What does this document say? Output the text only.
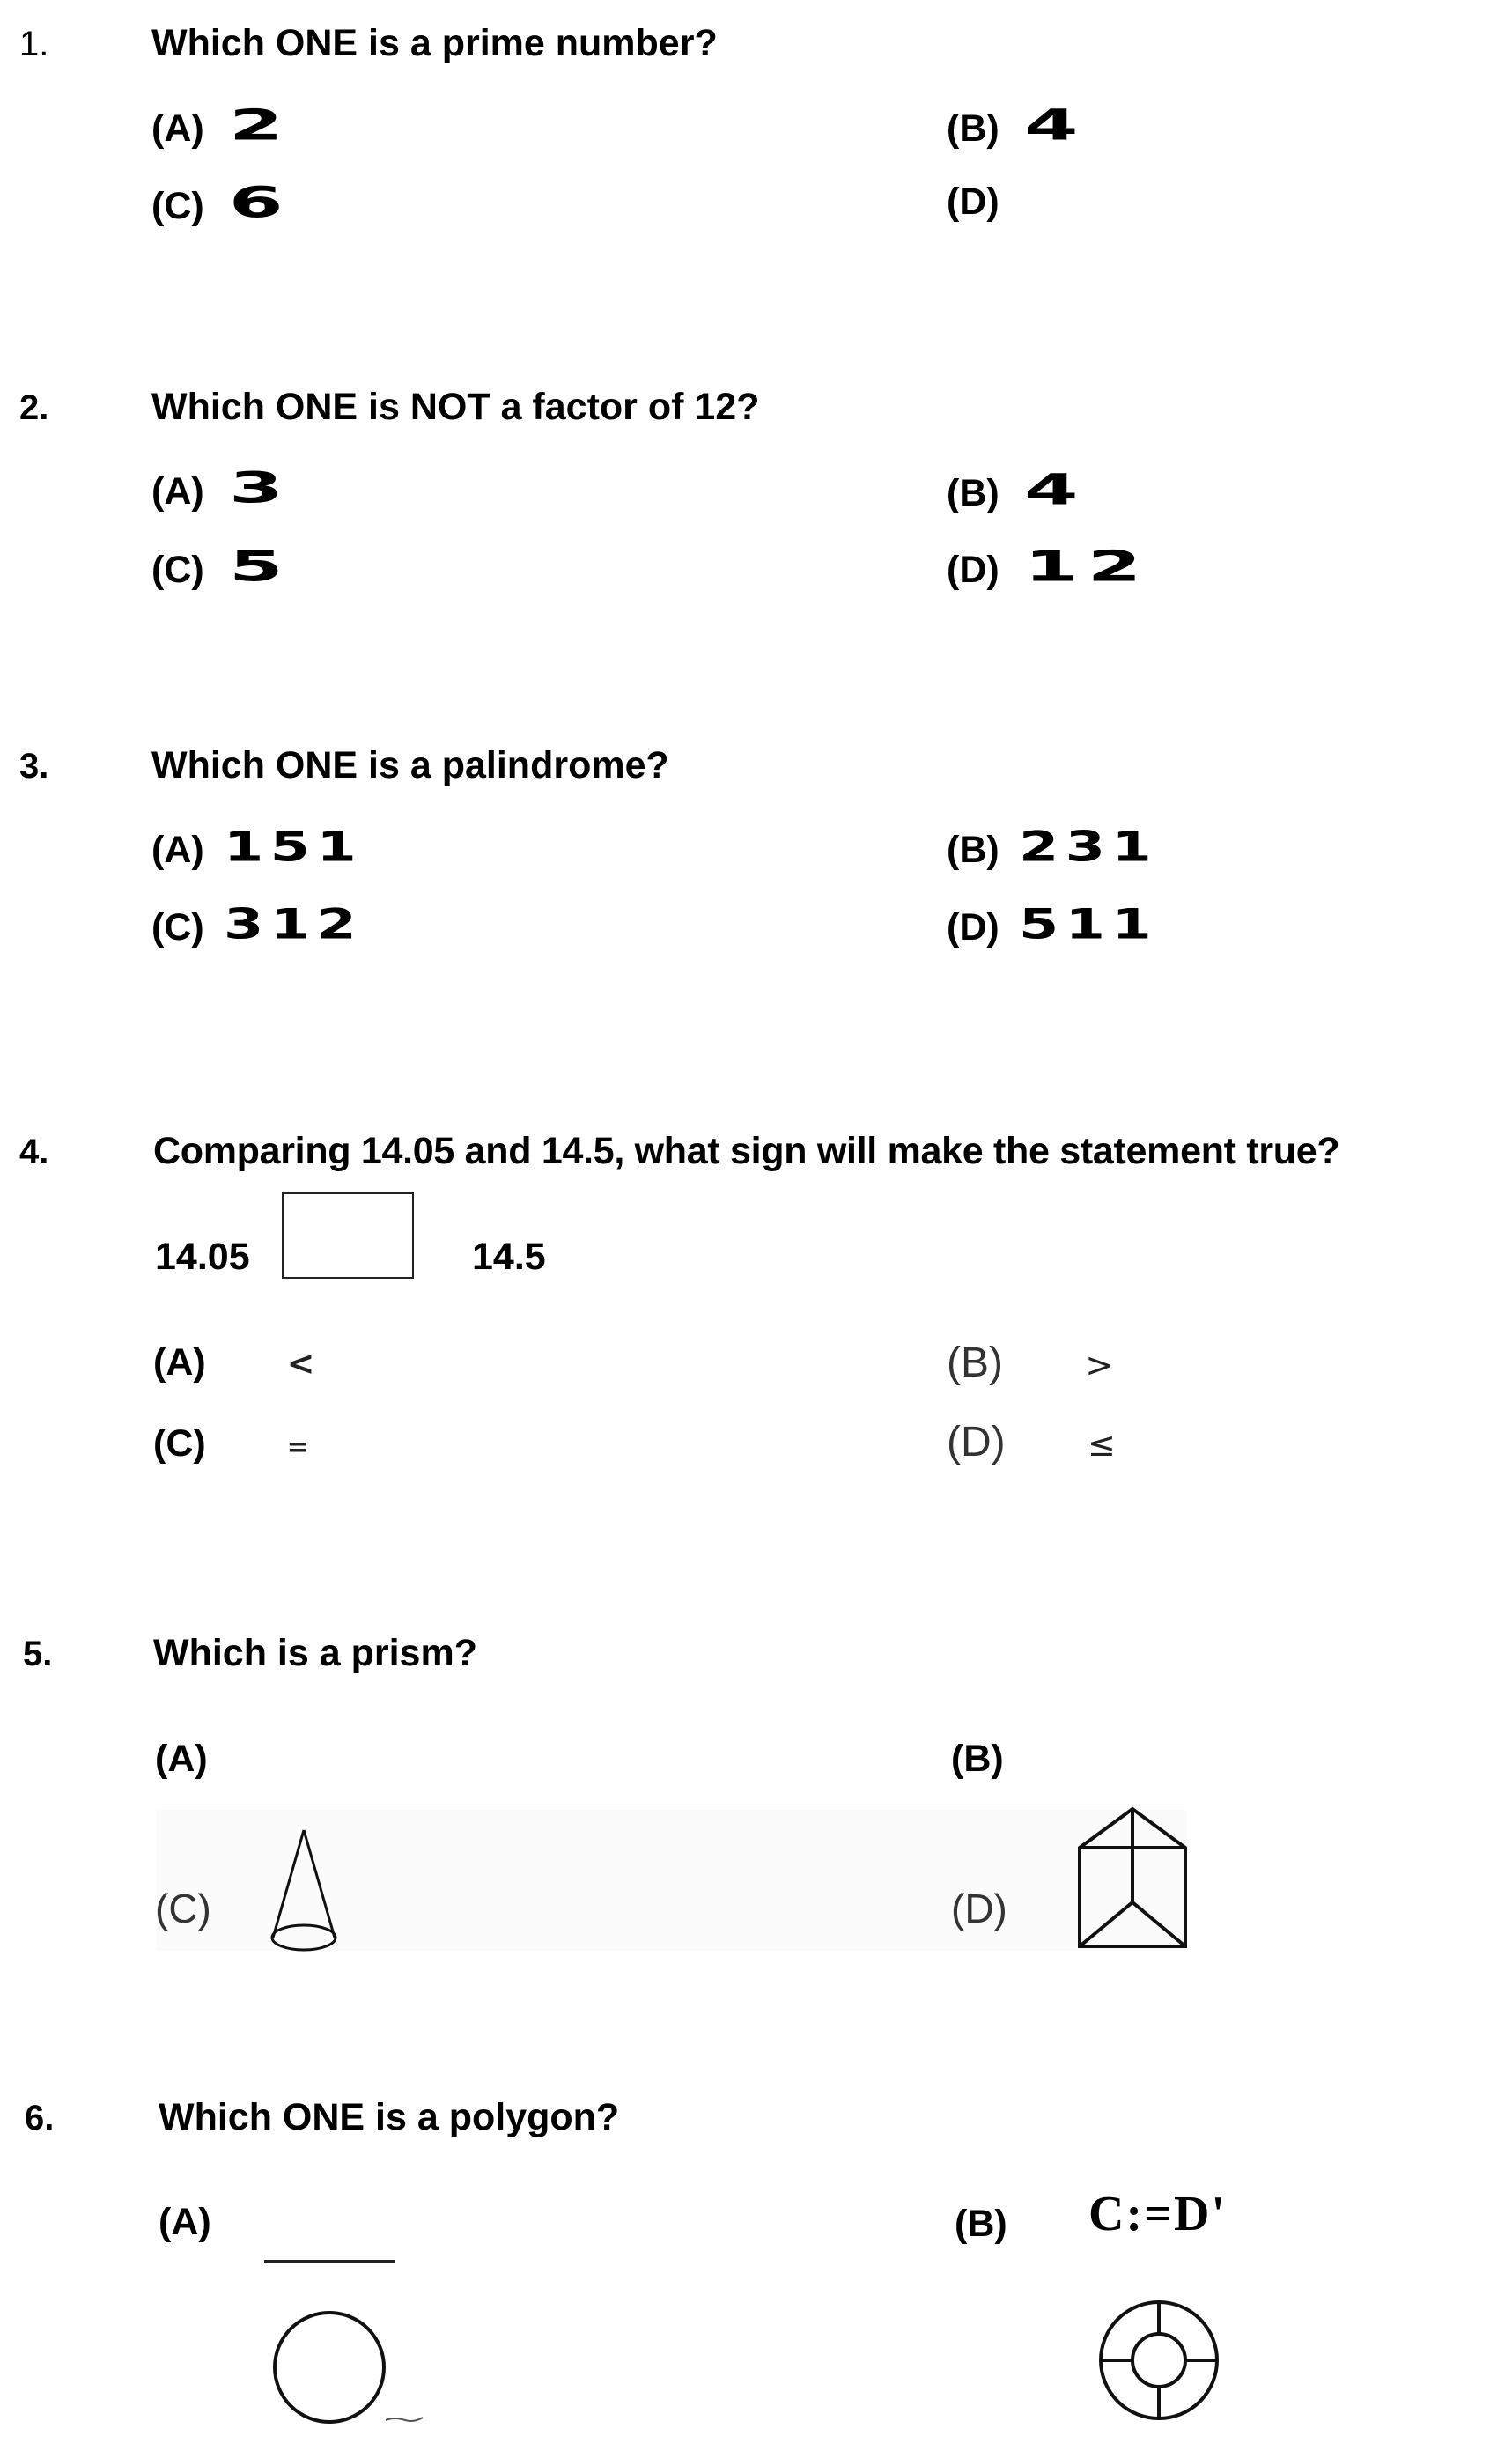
1.	Which ONE is a prime number?
(A) 2	(B) 4
(C) 6	(D)
2.	Which ONE is NOT a factor of 12?
(A) 3	(B) 4
(C) 5	(D) 12
3.	Which ONE is a palindrome?
(A) 151	(B) 231
(C) 312	(D) 511
4.	Comparing 14.05 and 14.5, what sign will make the statement true?
14.05	14.5
(A) <	(B) >
(C)	=	(D) ≤
5.	Which is a prism?
(A)	(B)
(C)	(D)
6.	Which ONE is a polygon?
(A)	(B) C:=D'
